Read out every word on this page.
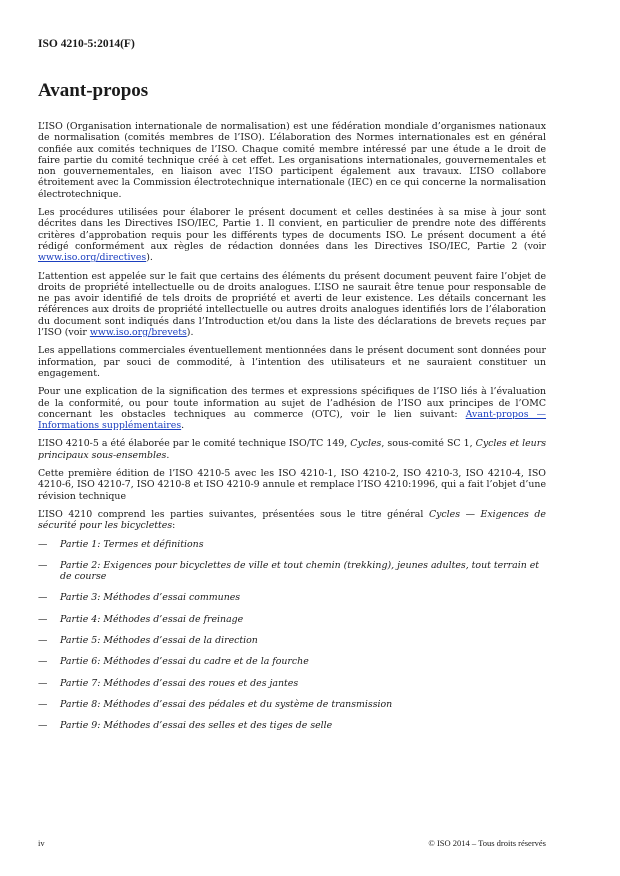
ISO 4210-5:2014(F)
Avant-propos

L’ISO (Organisation internationale de normalisation) est une fédération mondiale d’organismes nationaux de normalisation (comités membres de l’ISO). L’élaboration des Normes internationales est en général confiée aux comités techniques de l’ISO. Chaque comité membre intéressé par une étude a le droit de faire partie du comité technique créé à cet effet. Les organisations internationales, gouvernementales et non gouvernementales, en liaison avec l’ISO participent également aux travaux. L’ISO collabore étroitement avec la Commission électrotechnique internationale (IEC) en ce qui concerne la normalisation électrotechnique.

Les procédures utilisées pour élaborer le présent document et celles destinées à sa mise à jour sont décrites dans les Directives ISO/IEC, Partie 1. Il convient, en particulier de prendre note des différents critères d’approbation requis pour les différents types de documents ISO. Le présent document a été rédigé conformément aux règles de rédaction données dans les Directives ISO/IEC, Partie 2 (voir www.iso.org/directives).

L’attention est appelée sur le fait que certains des éléments du présent document peuvent faire l’objet de droits de propriété intellectuelle ou de droits analogues. L’ISO ne saurait être tenue pour responsable de ne pas avoir identifié de tels droits de propriété et averti de leur existence. Les détails concernant les références aux droits de propriété intellectuelle ou autres droits analogues identifiés lors de l’élaboration du document sont indiqués dans l’Introduction et/ou dans la liste des déclarations de brevets reçues par l’ISO (voir www.iso.org/brevets).

Les appellations commerciales éventuellement mentionnées dans le présent document sont données pour information, par souci de commodité, à l’intention des utilisateurs et ne sauraient constituer un engagement.

Pour une explication de la signification des termes et expressions spécifiques de l’ISO liés à l’évaluation de la conformité, ou pour toute information au sujet de l’adhésion de l’ISO aux principes de l’OMC concernant les obstacles techniques au commerce (OTC), voir le lien suivant: Avant-propos — Informations supplémentaires.

L’ISO 4210-5 a été élaborée par le comité technique ISO/TC 149, Cycles, sous-comité SC 1, Cycles et leurs principaux sous-ensembles.

Cette première édition de l’ISO 4210-5 avec les ISO 4210-1, ISO 4210-2, ISO 4210-3, ISO 4210-4, ISO 4210-6, ISO 4210-7, ISO 4210-8 et ISO 4210-9 annule et remplace l’ISO 4210:1996, qui a fait l’objet d’une révision technique

L’ISO 4210 comprend les parties suivantes, présentées sous le titre général Cycles — Exigences de sécurité pour les bicyclettes:

— Partie 1: Termes et définitions
— Partie 2: Exigences pour bicyclettes de ville et tout chemin (trekking), jeunes adultes, tout terrain et de course
— Partie 3: Méthodes d’essai communes
— Partie 4: Méthodes d’essai de freinage
— Partie 5: Méthodes d’essai de la direction
— Partie 6: Méthodes d’essai du cadre et de la fourche
— Partie 7: Méthodes d’essai des roues et des jantes
— Partie 8: Méthodes d’essai des pédales et du système de transmission
— Partie 9: Méthodes d’essai des selles et des tiges de selle
iv	© ISO 2014 – Tous droits réservés
